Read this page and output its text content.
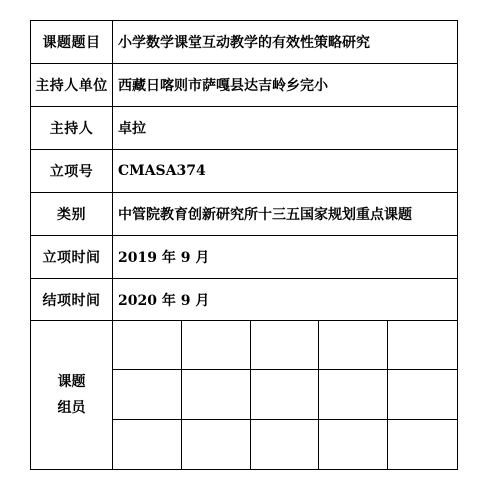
课题题目	小学数学课堂互动教学的有效性策略研究
主持人单位 西藏日喀则市萨嘎县达吉岭乡完小
主持人	卓拉
立项号	CMASA374
类别	中管院教育创新研究所十三五国家规划重点课题
立项时间	2019 年 9 月
结项时间	2020 年 9 月
课题
组员
